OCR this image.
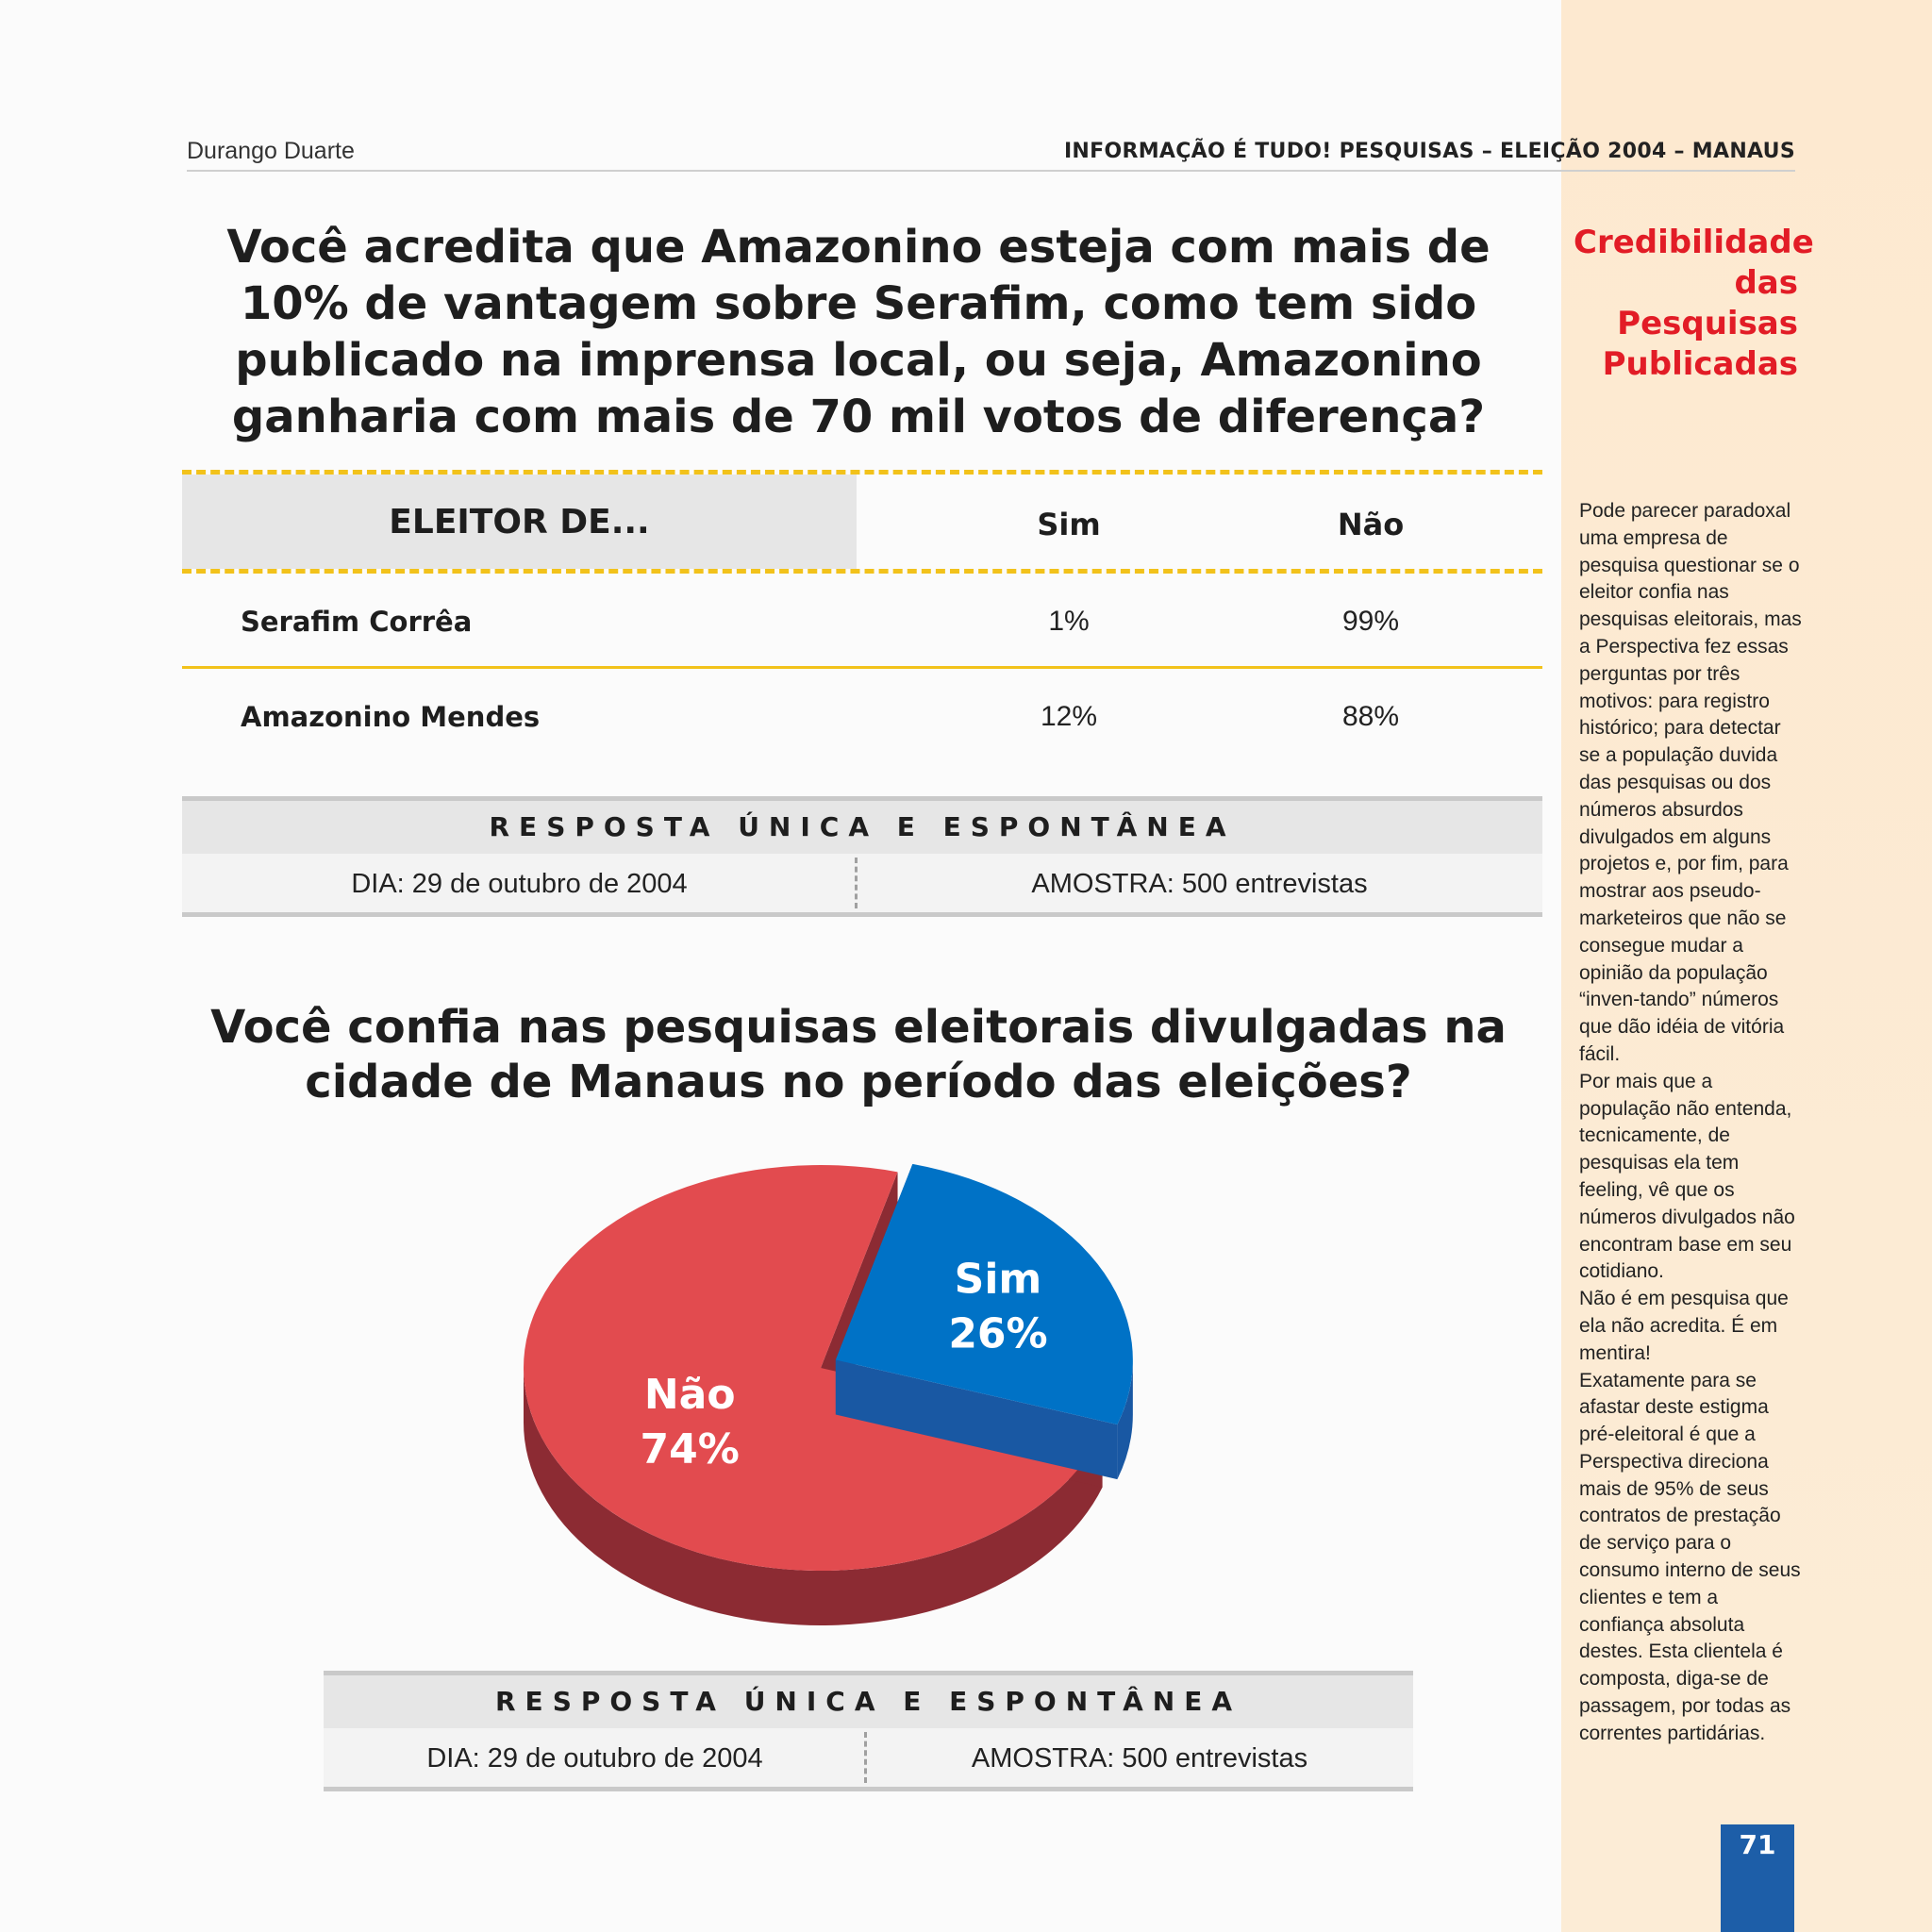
Durango Duarte	INFORMAÇÃO É TUDO! PESQUISAS – ELEIÇÃO 2004 – MANAUS
Você acredita que Amazonino esteja com mais de 10% de vantagem sobre Serafim, como tem sido publicado na imprensa local, ou seja, Amazonino ganharia com mais de 70 mil votos de diferença?
ELEITOR DE...	Sim	Não
Serafim Corrêa	1%	99%
Amazonino Mendes	12%	88%
RESPOSTA ÚNICA E ESPONTÂNEA
DIA: 29 de outubro de 2004	AMOSTRA: 500 entrevistas
Você confia nas pesquisas eleitorais divulgadas na cidade de Manaus no período das eleições?
Sim
26%
Não
74%
RESPOSTA ÚNICA E ESPONTÂNEA
DIA: 29 de outubro de 2004	AMOSTRA: 500 entrevistas
Credibilidade das Pesquisas Publicadas

Pode parecer paradoxal uma empresa de pesquisa questionar se o eleitor confia nas pesquisas eleitorais, mas a Perspectiva fez essas perguntas por três motivos: para registro histórico; para detectar se a população duvida das pesquisas ou dos números absurdos divulgados em alguns projetos e, por fim, para mostrar aos pseudo-marketeiros que não se consegue mudar a opinião da população “inven-tando” números que dão idéia de vitória fácil.

Por mais que a população não entenda, tecnicamente, de pesquisas ela tem feeling, vê que os números divulgados não encontram base em seu cotidiano.

Não é em pesquisa que ela não acredita. É em mentira!

Exatamente para se afastar deste estigma pré-eleitoral é que a Perspectiva direciona mais de 95% de seus contratos de prestação de serviço para o consumo interno de seus clientes e tem a confiança absoluta destes. Esta clientela é composta, diga-se de passagem, por todas as correntes partidárias.

71
